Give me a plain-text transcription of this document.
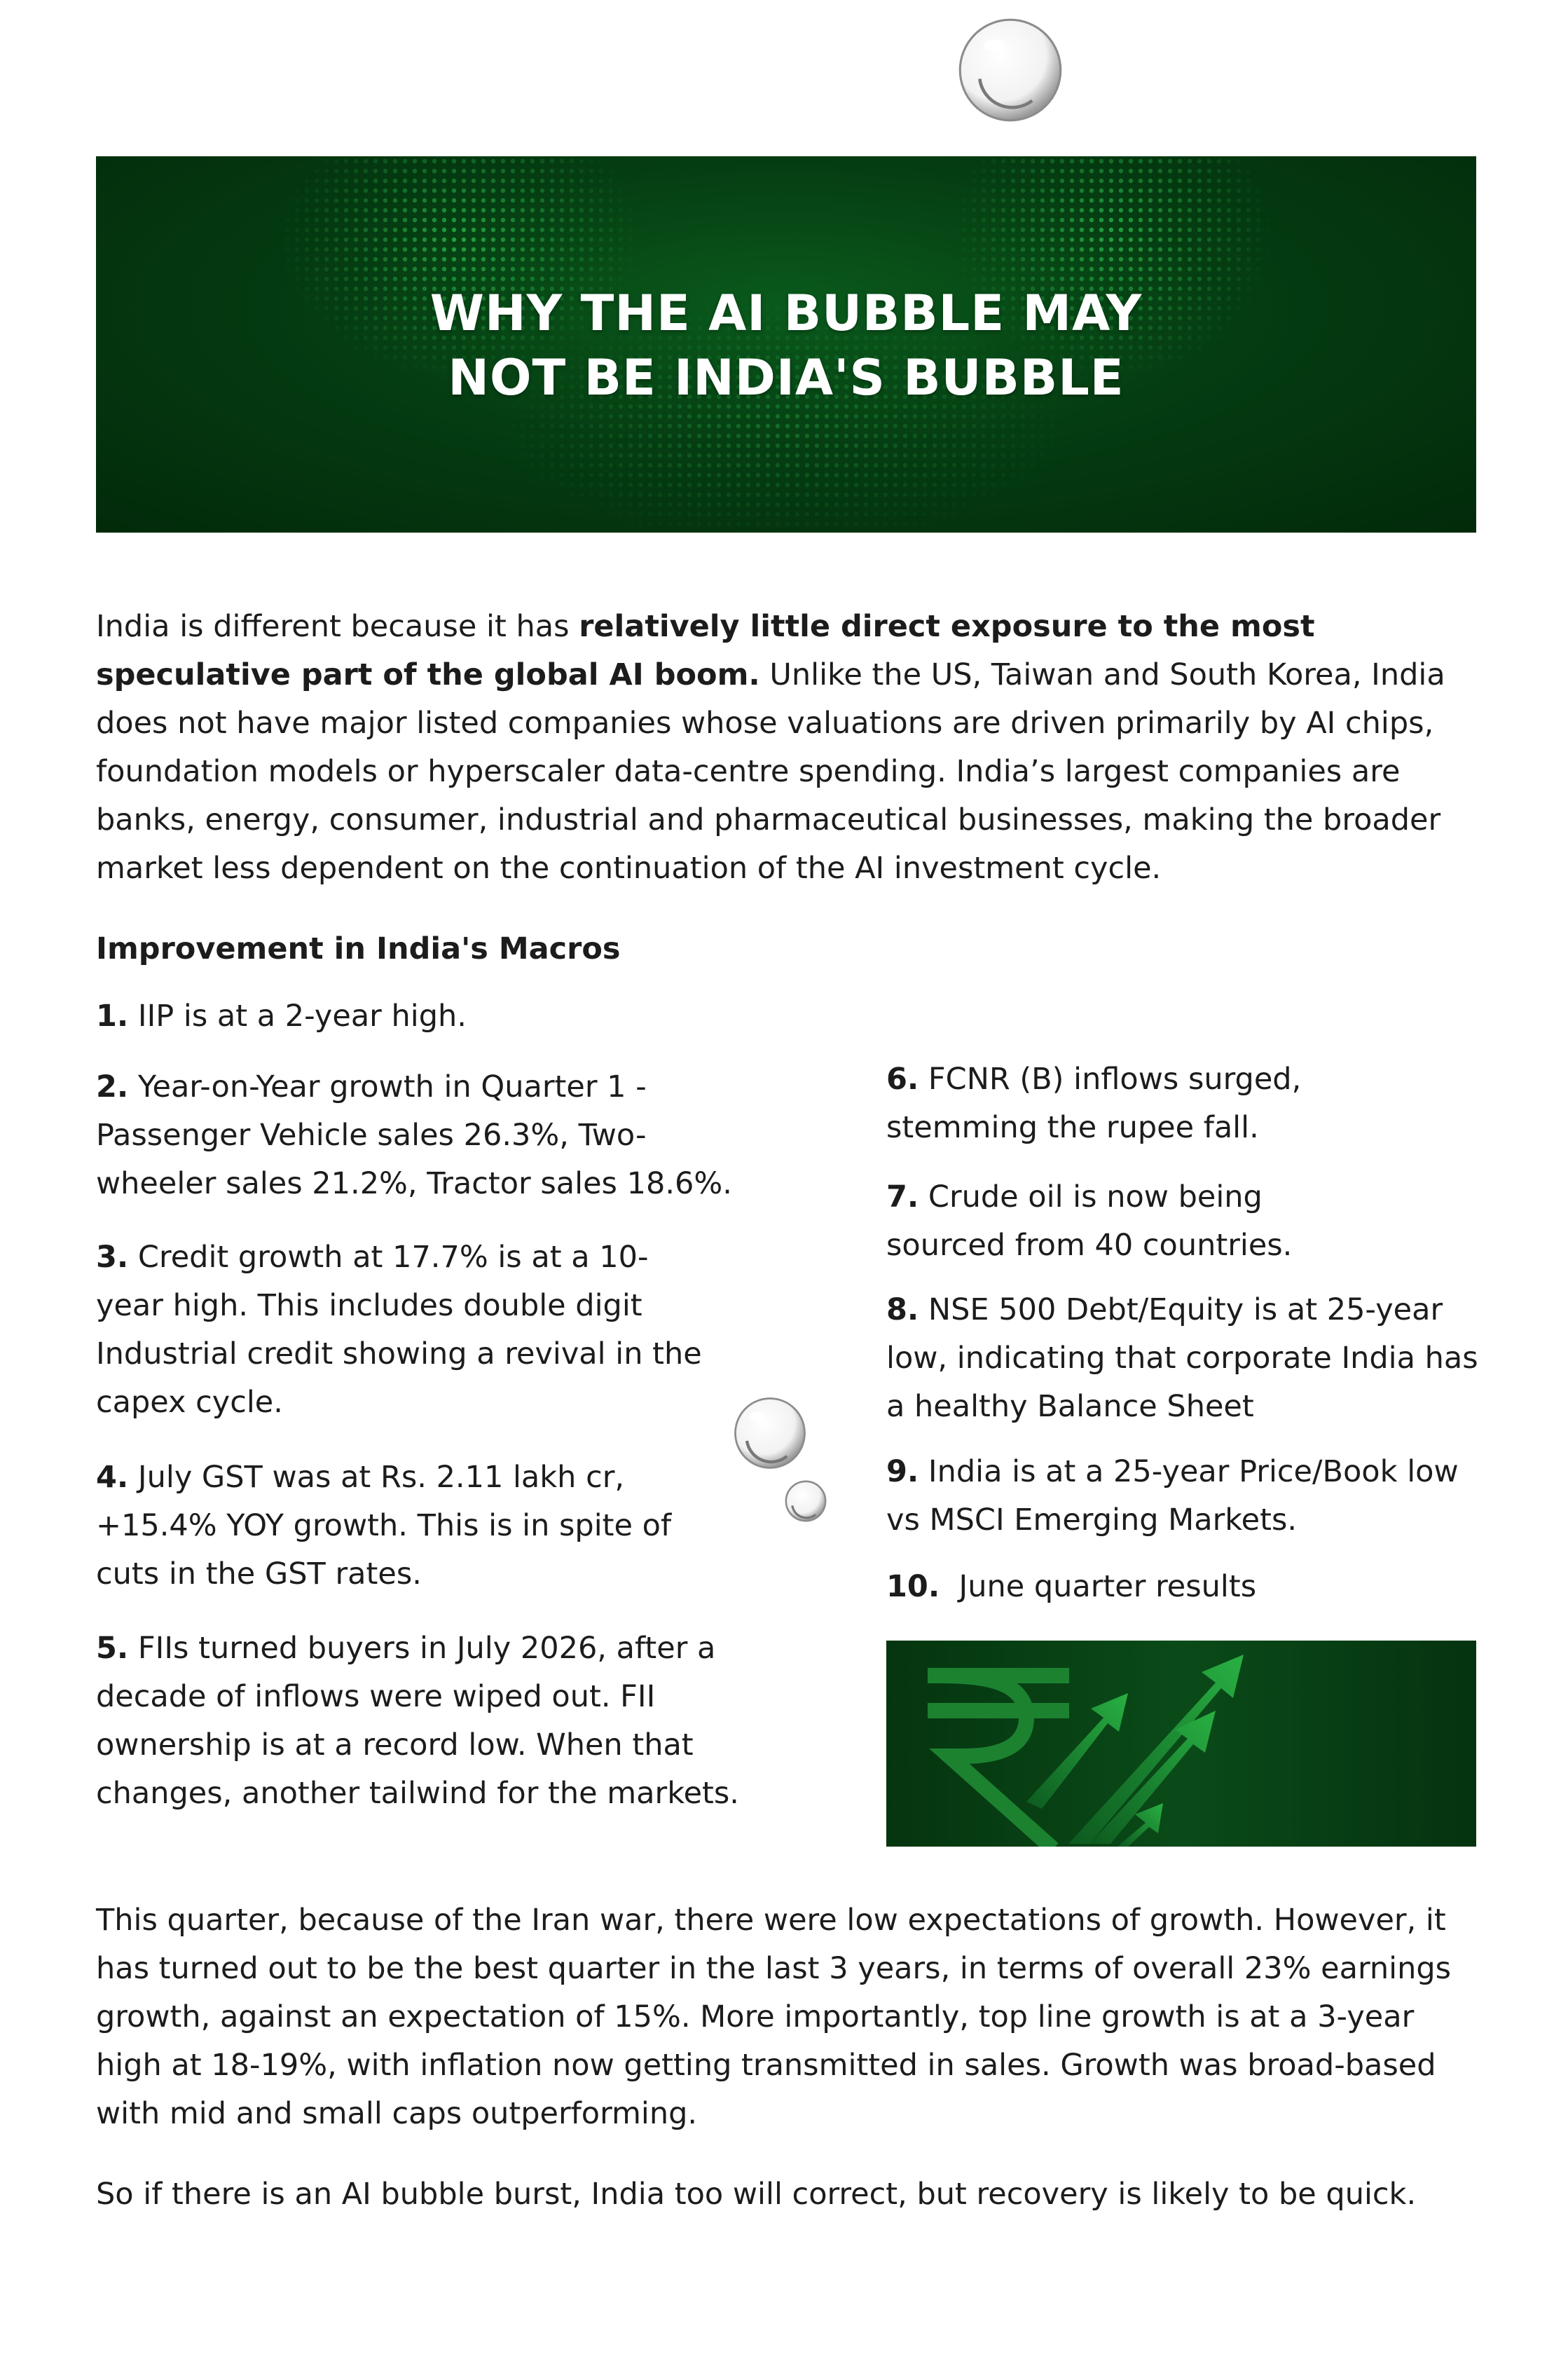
WHY THE AI BUBBLE MAY
NOT BE INDIA'S BUBBLE

India is different because it has relatively little direct exposure to the most speculative part of the global AI boom. Unlike the US, Taiwan and South Korea, India does not have major listed companies whose valuations are driven primarily by AI chips, foundation models or hyperscaler data-centre spending. India’s largest companies are banks, energy, consumer, industrial and pharmaceutical businesses, making the broader market less dependent on the continuation of the AI investment cycle.

Improvement in India's Macros

1. IIP is at a 2-year high.

2. Year-on-Year growth in Quarter 1 - Passenger Vehicle sales 26.3%, Two-wheeler sales 21.2%, Tractor sales 18.6%.

3. Credit growth at 17.7% is at a 10-year high. This includes double digit Industrial credit showing a revival in the capex cycle.

4. July GST was at Rs. 2.11 lakh cr, +15.4% YOY growth. This is in spite of cuts in the GST rates.

5. FIIs turned buyers in July 2026, after a decade of inflows were wiped out. FII ownership is at a record low. When that changes, another tailwind for the markets.

6. FCNR (B) inflows surged, stemming the rupee fall.

7. Crude oil is now being sourced from 40 countries.

8. NSE 500 Debt/Equity is at 25-year low, indicating that corporate India has a healthy Balance Sheet

9. India is at a 25-year Price/Book low vs MSCI Emerging Markets.

10.  June quarter results

This quarter, because of the Iran war, there were low expectations of growth. However, it has turned out to be the best quarter in the last 3 years, in terms of overall 23% earnings growth, against an expectation of 15%. More importantly, top line growth is at a 3-year high at 18-19%, with inflation now getting transmitted in sales. Growth was broad-based with mid and small caps outperforming.

So if there is an AI bubble burst, India too will correct, but recovery is likely to be quick.
